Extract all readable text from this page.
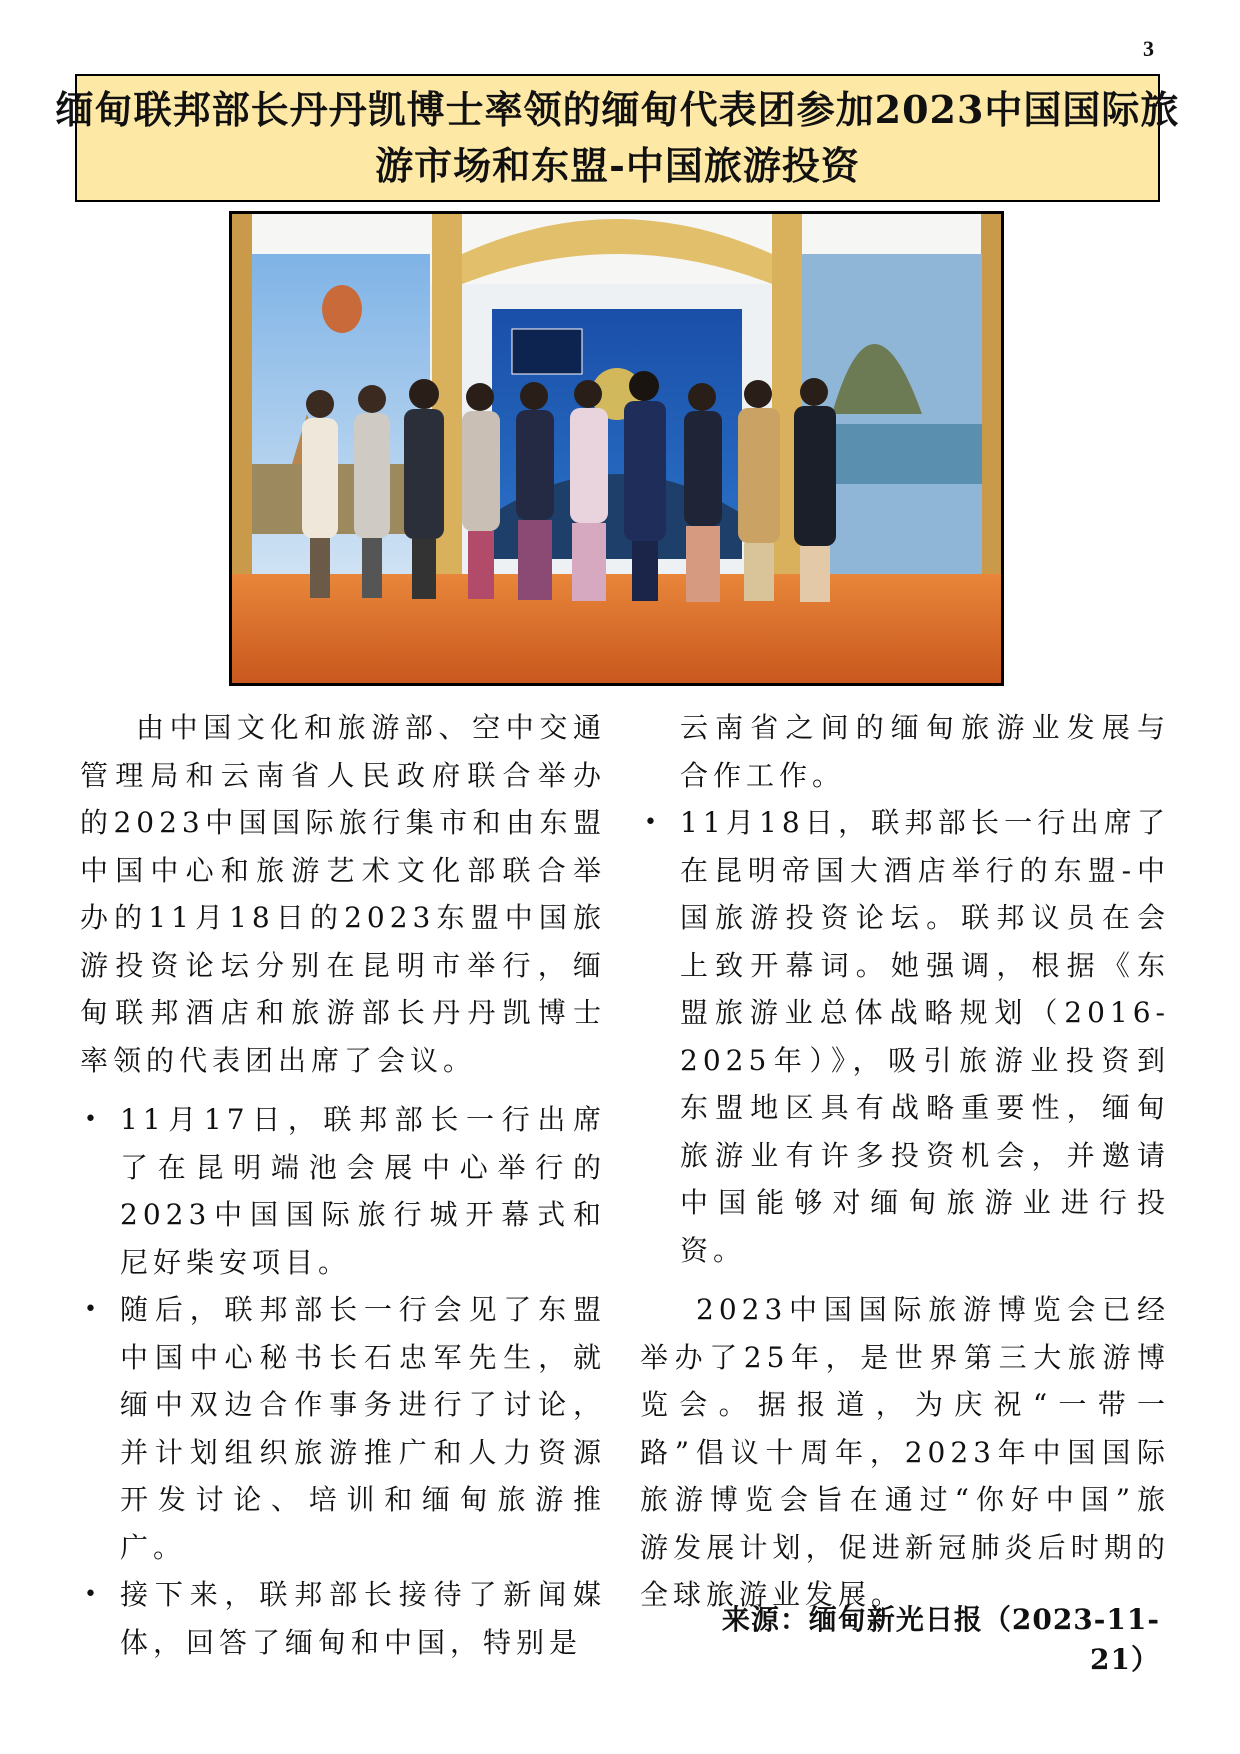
3
缅甸联邦部长丹丹凯博士率领的缅甸代表团参加2023中国国际旅
游市场和东盟-中国旅游投资

由中国文化和旅游部、空中交通管理局和云南省人民政府联合举办的2023中国国际旅行集市和由东盟中国中心和旅游艺术文化部联合举办的11月18日的2023东盟中国旅游投资论坛分别在昆明市举行，缅甸联邦酒店和旅游部长丹丹凯博士率领的代表团出席了会议。

• 11月17日，联邦部长一行出席了在昆明端池会展中心举行的2023中国国际旅行城开幕式和尼好柴安项目。
• 随后，联邦部长一行会见了东盟中国中心秘书长石忠军先生，就缅中双边合作事务进行了讨论，并计划组织旅游推广和人力资源开发讨论、培训和缅甸旅游推广。
• 接下来，联邦部长接待了新闻媒体，回答了缅甸和中国，特别是
云南省之间的缅甸旅游业发展与合作工作。
• 11月18日，联邦部长一行出席了在昆明帝国大酒店举行的东盟-中国旅游投资论坛。联邦议员在会上致开幕词。她强调，根据《东盟旅游业总体战略规划（2016-2025年）》，吸引旅游业投资到东盟地区具有战略重要性，缅甸旅游业有许多投资机会，并邀请中国能够对缅甸旅游业进行投资。

2023中国国际旅游博览会已经举办了25年，是世界第三大旅游博览会。据报道，为庆祝“一带一路”倡议十周年，2023年中国国际旅游博览会旨在通过“你好中国”旅游发展计划，促进新冠肺炎后时期的全球旅游业发展。

来源：缅甸新光日报（2023-11-21）
